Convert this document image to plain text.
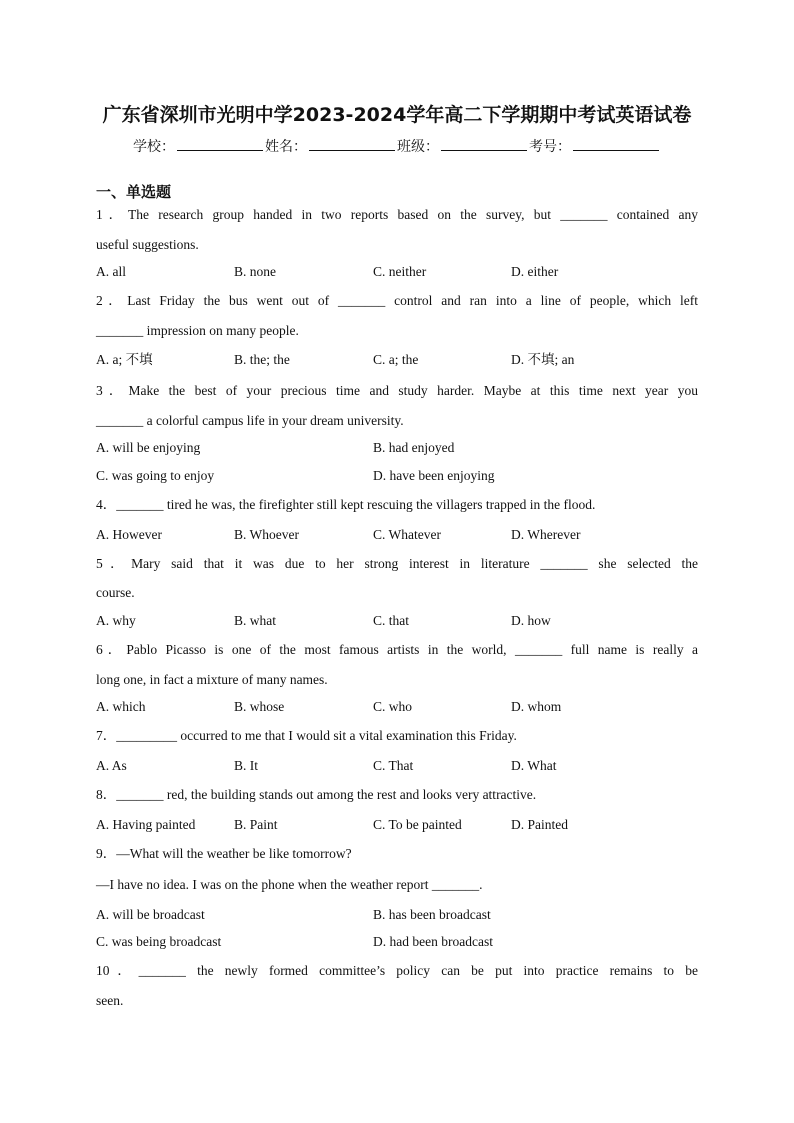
广东省深圳市光明中学2023-2024学年高二下学期期中考试英语试卷
学校：	姓名：	班级：	考号：
一、单选题
1．The research group handed in two reports based on the survey, but _______ contained any
useful suggestions.
A. all	B. none	C. neither	D. either
2．Last Friday the bus went out of _______ control and ran into a line of people, which left
_______ impression on many people.
A. a; 不填	B. the; the	C. a; the	D. 不填; an
3．Make the best of your precious time and study harder. Maybe at this time next year you
_______ a colorful campus life in your dream university.
A. will be enjoying	B. had enjoyed
C. was going to enjoy	D. have been enjoying
4．_______ tired he was, the firefighter still kept rescuing the villagers trapped in the flood.
A. However	B. Whoever	C. Whatever	D. Wherever
5．Mary said that it was due to her strong interest in literature _______ she selected the
course.
A. why	B. what	C. that	D. how
6．Pablo Picasso is one of the most famous artists in the world, _______ full name is really a
long one, in fact a mixture of many names.
A. which	B. whose	C. who	D. whom
7．_________ occurred to me that I would sit a vital examination this Friday.
A. As	B. It	C. That	D. What
8．_______ red, the building stands out among the rest and looks very attractive.
A. Having painted	B. Paint	C. To be painted	D. Painted
9．—What will the weather be like tomorrow?
—I have no idea. I was on the phone when the weather report _______.
A. will be broadcast	B. has been broadcast
C. was being broadcast	D. had been broadcast
10．_______ the newly formed committee’s policy can be put into practice remains to be
seen.
